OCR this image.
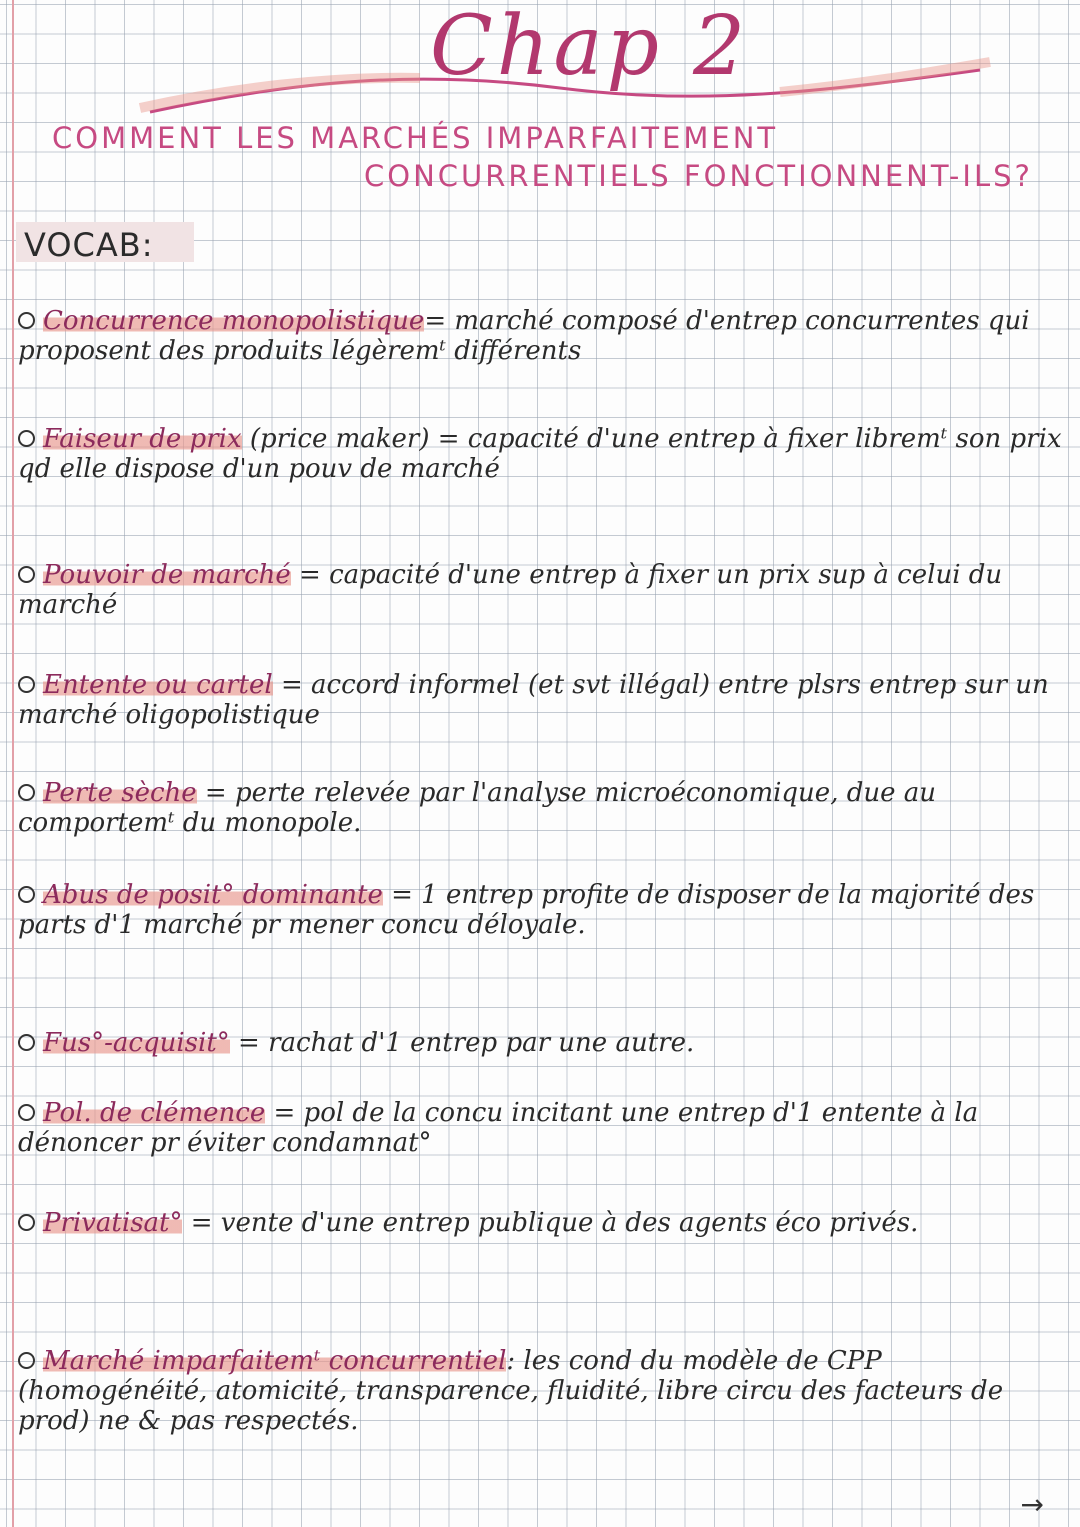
Chap 2
COMMENT LES MARCHÉS IMPARFAITEMENT
CONCURRENTIELS FONCTIONNENT-ILS?
VOCAB:
Concurrence monopolistique= marché composé d'entrep concurrentes qui proposent des produits légèremᵗ différents
Faiseur de prix (price maker) = capacité d'une entrep à fixer libremᵗ son prix qd elle dispose d'un pouv de marché
Pouvoir de marché = capacité d'une entrep à fixer un prix sup à celui du marché
Entente ou cartel = accord informel (et svt illégal) entre plsrs entrep sur un marché oligopolistique
Perte sèche = perte relevée par l'analyse microéconomique, due au comportemᵗ du monopole.
Abus de posit° dominante = 1 entrep profite de disposer de la majorité des parts d'1 marché pr mener concu déloyale.
Fus°-acquisit° = rachat d'1 entrep par une autre.
Pol. de clémence = pol de la concu incitant une entrep d'1 entente à la dénoncer pr éviter condamnat°
Privatisat° = vente d'une entrep publique à des agents éco privés.
Marché imparfaitemᵗ concurrentiel: les cond du modèle de CPP (homogénéité, atomicité, transparence, fluidité, libre circu des facteurs de prod) ne & pas respectés.
→
